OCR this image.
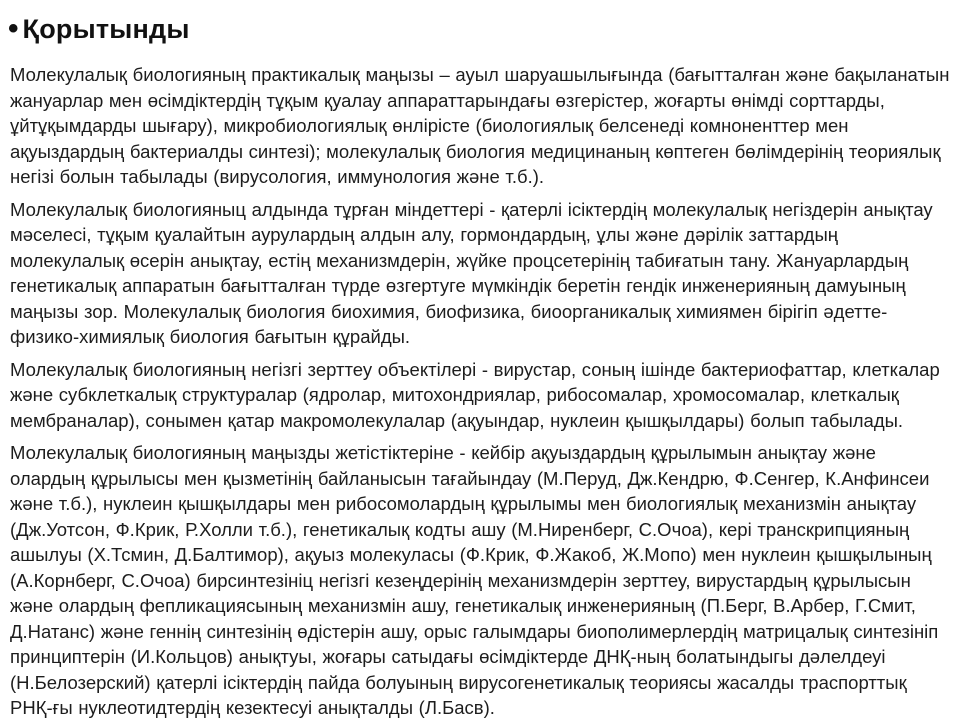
• Қорытынды

Молекулалық биологияның практикалық маңызы – ауыл шаруашылығында (бағытталған және бақыланатын жануарлар мен өсімдіктердің тұқым қуалау аппараттарындағы өзгерістер, жоғарты өнімді сорттарды, ұйтұқымдарды шығару), микробиологиялық өнлірісте (биологиялық белсенеді комноненттер мен ақуыздардың бактериалды синтезі); молекулалық биология медицинаның көптеген бөлімдерінің теориялық негізі болын табылады (вирусология, иммунология және т.б.).

Молекулалық биологияныц алдында тұрған міндеттері - қатерлі ісіктердің молекулалық негіздерін анықтау мәселесі, тұқым қуалайтын аурулардың алдын алу, гормондардың, ұлы және дәрілік заттардың молекулалық өсерін анықтау, естің механизмдерін, жүйке процсетерінің табиғатын тану. Жануарлардың генетикалық аппаратын бағытталған түрде өзгертуге мүмкіндік беретін гендік инженерияның дамуының маңызы зор. Молекулалық биология биохимия, биофизика, биоорганикалық химиямен бірігіп әдетте-физико-химиялық биология бағытын құрайды.

Молекулалық биологияның негізгі зерттеу объектілері - вирустар, соның ішінде бактериофаттар, клеткалар және субклеткалық структуралар (ядролар, митохондриялар, рибосомалар, хромосомалар, клеткалық мембраналар), сонымен қатар макромолекулалар (ақуындар, нуклеин қышқылдары) болып табылады.

Молекулалық биологияның маңызды жетістіктеріне - кейбір ақуыздардың құрылымын анықтау және олардың құрылысы мен қызметінің байланысын тағайындау (М.Перуд, Дж.Кендрю, Ф.Сенгер, К.Анфинсеи және т.б.), нуклеин қышқылдары мен рибосомолардың құрылымы мен биологиялық механизмін анықтау (Дж.Уотсон, Ф.Крик, Р.Холли т.б.), генетикалық кодты ашу (М.Ниренберг, С.Очоа), кері транскрипцияның ашылуы (Х.Тсмин, Д.Балтимор), ақуыз молекуласы (Ф.Крик, Ф.Жакоб, Ж.Мопо) мен нуклеин қышқылының (А.Корнберг, С.Очоа) бирсинтезініц негізгі кезеңдерінің механизмдерін зерттеу, вирустардың құрылысын және олардың фепликациясының механизмін ашу, генетикалық инженерияның (П.Берг, В.Арбер, Г.Смит, Д.Натанс) және геннің синтезінің өдістерін ашу, орыс галымдары биополимерлердің матрицалық синтезініп принциптерін (И.Кольцов) анықтуы, жоғары сатыдағы өсімдіктерде ДНҚ-ның болатындыгы дәлелдеуі (Н.Белозерский) қатерлі ісіктердің пайда болуының вирусогенетикалық теориясы жасалды траспорттық РНҚ-ғы нуклеотидтердің кезектесуі анықталды (Л.Басв).
